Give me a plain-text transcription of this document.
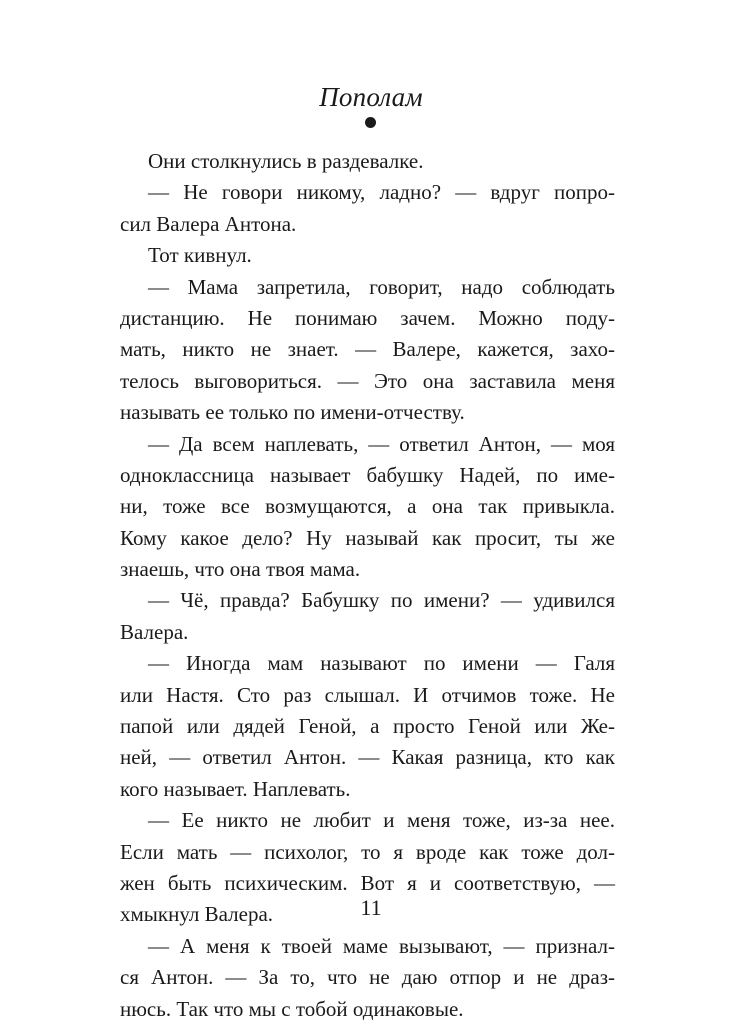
Пополам
Они столкнулись в раздевалке.
— Не говори никому, ладно? — вдруг попро-
сил Валера Антона.
Тот кивнул.
— Мама запретила, говорит, надо соблюдать
дистанцию. Не понимаю зачем. Можно поду-
мать, никто не знает. — Валере, кажется, захо-
телось выговориться. — Это она заставила меня
называть ее только по имени-отчеству.
— Да всем наплевать, — ответил Антон, — моя
одноклассница называет бабушку Надей, по име-
ни, тоже все возмущаются, а она так привыкла.
Кому какое дело? Ну называй как просит, ты же
знаешь, что она твоя мама.
— Чё, правда? Бабушку по имени? — удивился
Валера.
— Иногда мам называют по имени — Галя
или Настя. Сто раз слышал. И отчимов тоже. Не
папой или дядей Геной, а просто Геной или Же-
ней, — ответил Антон. — Какая разница, кто как
кого называет. Наплевать.
— Ее никто не любит и меня тоже, из-за нее.
Если мать — психолог, то я вроде как тоже дол-
жен быть психическим. Вот я и соответствую, —
хмыкнул Валера.
— А меня к твоей маме вызывают, — признал-
ся Антон. — За то, что не даю отпор и не драз-
нюсь. Так что мы с тобой одинаковые.
11
